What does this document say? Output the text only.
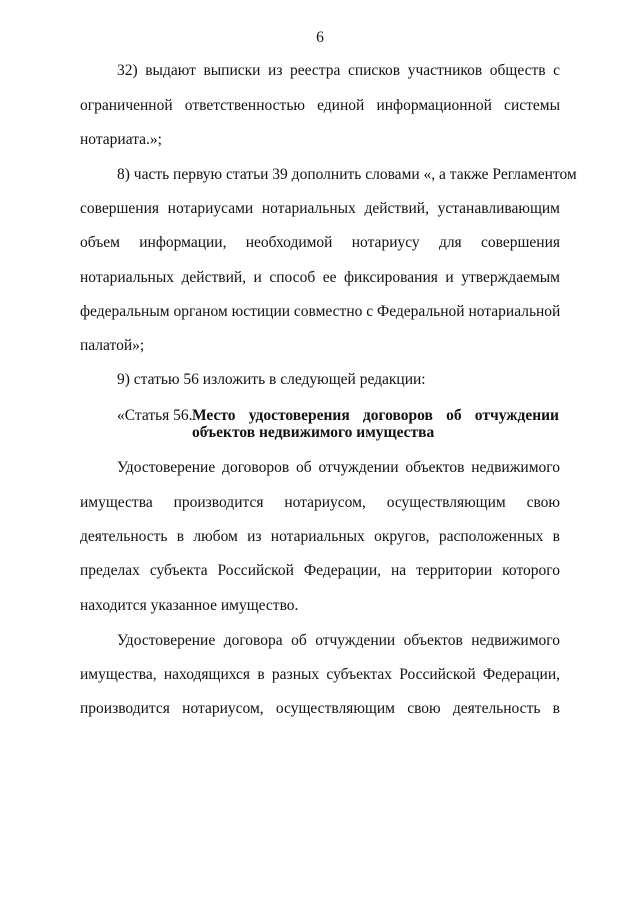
6
32) выдают выписки из реестра списков участников обществ с
ограниченной ответственностью единой информационной системы
нотариата.»;
8) часть первую статьи 39 дополнить словами «, а также Регламентом
совершения нотариусами нотариальных действий, устанавливающим
объем информации, необходимой нотариусу для совершения
нотариальных действий, и способ ее фиксирования и утверждаемым
федеральным органом юстиции совместно с Федеральной нотариальной
палатой»;
9) статью 56 изложить в следующей редакции:
«Статья 56. Место удостоверения договоров об отчуждении
объектов недвижимого имущества
Удостоверение договоров об отчуждении объектов недвижимого
имущества производится нотариусом, осуществляющим свою
деятельность в любом из нотариальных округов, расположенных в
пределах субъекта Российской Федерации, на территории которого
находится указанное имущество.
Удостоверение договора об отчуждении объектов недвижимого
имущества, находящихся в разных субъектах Российской Федерации,
производится нотариусом, осуществляющим свою деятельность в
